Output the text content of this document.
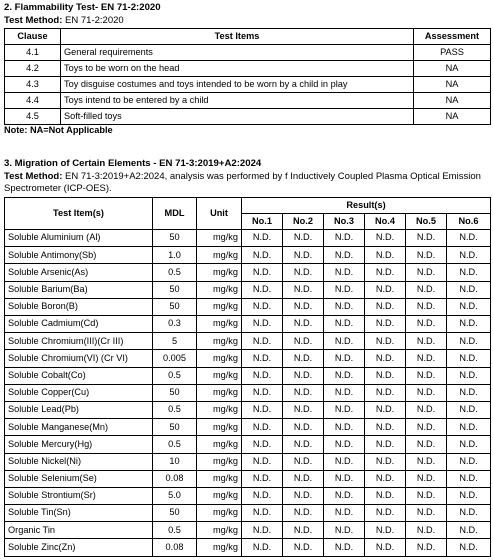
2. Flammability Test- EN 71-2:2020

Test Method: EN 71-2:2020

Clause	Test Items	Assessment
4.1	General requirements	PASS
4.2	Toys to be worn on the head	NA
4.3	Toy disguise costumes and toys intended to be worn by a child in play	NA
4.4	Toys intend to be entered by a child	NA
4.5	Soft-filled toys	NA

Note: NA=Not Applicable

3. Migration of Certain Elements - EN 71-3:2019+A2:2024

Test Method: EN 71-3:2019+A2:2024, analysis was performed by f Inductively Coupled Plasma Optical Emission Spectrometer (ICP-OES).

Test Item(s)	MDL	Unit	Result(s)					
			No.1	No.2	No.3	No.4	No.5	No.6
Soluble Aluminium (Al)	50	mg/kg	N.D.	N.D.	N.D.	N.D.	N.D.	N.D.
Soluble Antimony(Sb)	1.0	mg/kg	N.D.	N.D.	N.D.	N.D.	N.D.	N.D.
Soluble Arsenic(As)	0.5	mg/kg	N.D.	N.D.	N.D.	N.D.	N.D.	N.D.
Soluble Barium(Ba)	50	mg/kg	N.D.	N.D.	N.D.	N.D.	N.D.	N.D.
Soluble Boron(B)	50	mg/kg	N.D.	N.D.	N.D.	N.D.	N.D.	N.D.
Soluble Cadmium(Cd)	0.3	mg/kg	N.D.	N.D.	N.D.	N.D.	N.D.	N.D.
Soluble Chromium(III)(Cr III)	5	mg/kg	N.D.	N.D.	N.D.	N.D.	N.D.	N.D.
Soluble Chromium(VI) (Cr VI)	0.005	mg/kg	N.D.	N.D.	N.D.	N.D.	N.D.	N.D.
Soluble Cobalt(Co)	0.5	mg/kg	N.D.	N.D.	N.D.	N.D.	N.D.	N.D.
Soluble Copper(Cu)	50	mg/kg	N.D.	N.D.	N.D.	N.D.	N.D.	N.D.
Soluble Lead(Pb)	0.5	mg/kg	N.D.	N.D.	N.D.	N.D.	N.D.	N.D.
Soluble Manganese(Mn)	50	mg/kg	N.D.	N.D.	N.D.	N.D.	N.D.	N.D.
Soluble Mercury(Hg)	0.5	mg/kg	N.D.	N.D.	N.D.	N.D.	N.D.	N.D.
Soluble Nickel(Ni)	10	mg/kg	N.D.	N.D.	N.D.	N.D.	N.D.	N.D.
Soluble Selenium(Se)	0.08	mg/kg	N.D.	N.D.	N.D.	N.D.	N.D.	N.D.
Soluble Strontium(Sr)	5.0	mg/kg	N.D.	N.D.	N.D.	N.D.	N.D.	N.D.
Soluble Tin(Sn)	50	mg/kg	N.D.	N.D.	N.D.	N.D.	N.D.	N.D.
Organic Tin	0.5	mg/kg	N.D.	N.D.	N.D.	N.D.	N.D.	N.D.
Soluble Zinc(Zn)	0.08	mg/kg	N.D.	N.D.	N.D.	N.D.	N.D.	N.D.
